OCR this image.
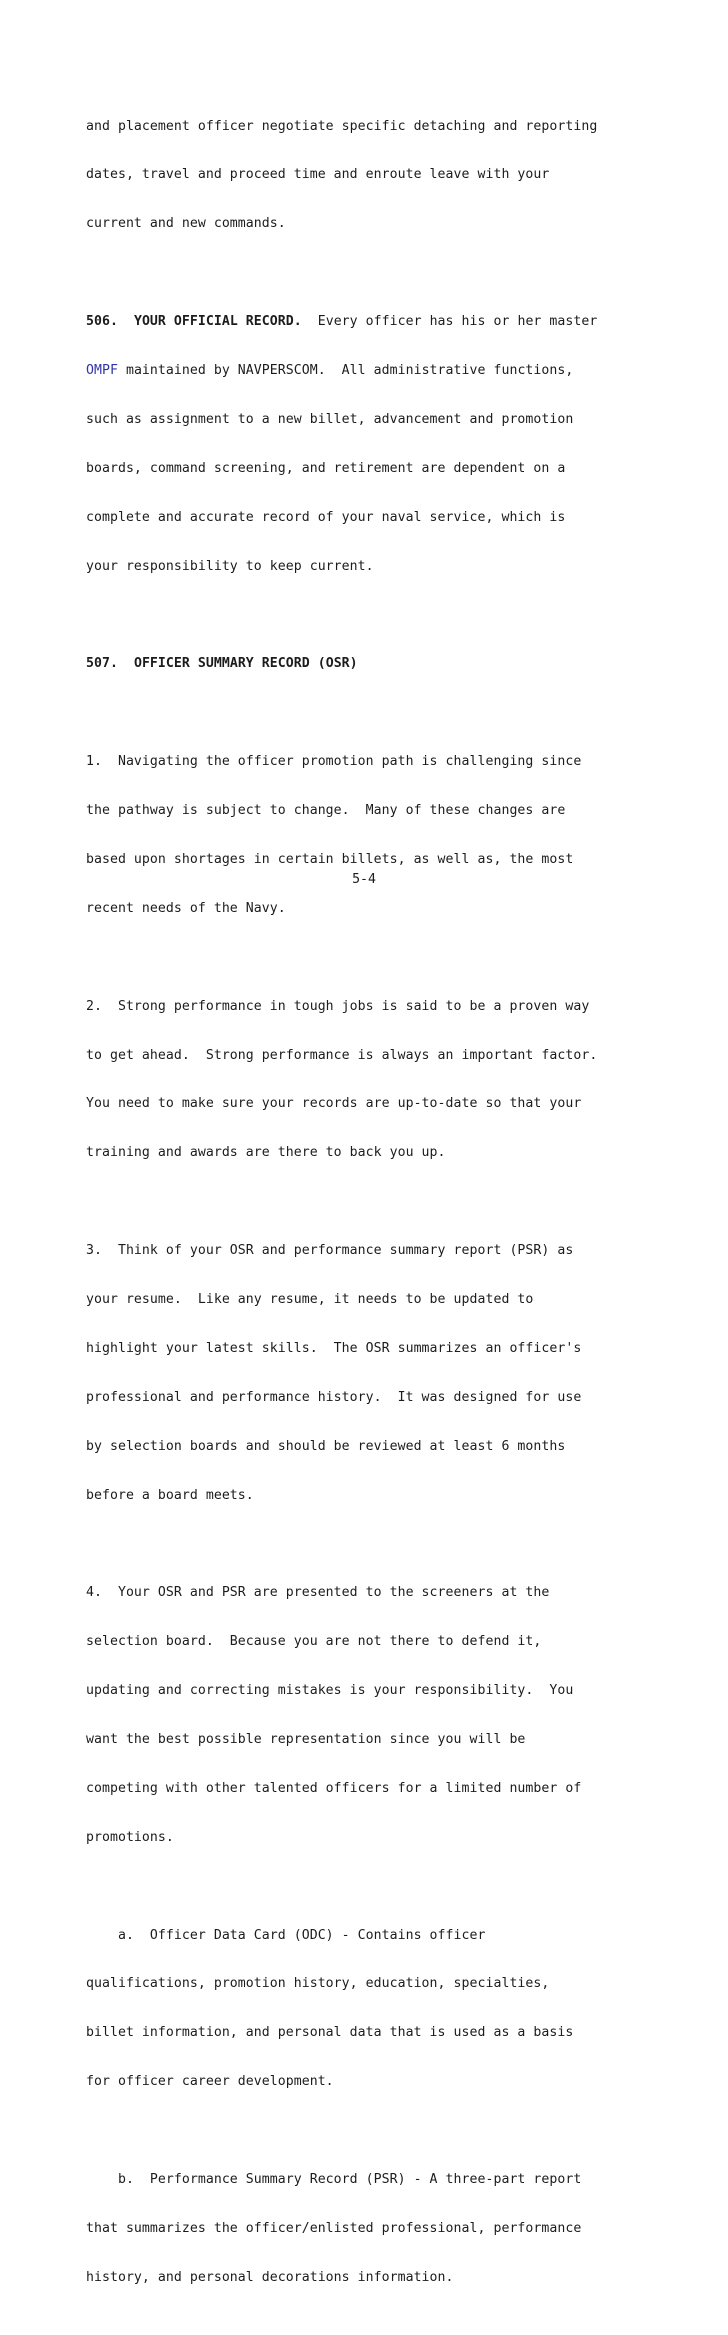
and placement officer negotiate specific detaching and reporting

dates, travel and proceed time and enroute leave with your

current and new commands.

506. YOUR OFFICIAL RECORD.  Every officer has his or her master

OMPF maintained by NAVPERSCOM.  All administrative functions,

such as assignment to a new billet, advancement and promotion

boards, command screening, and retirement are dependent on a

complete and accurate record of your naval service, which is

your responsibility to keep current.

507. OFFICER SUMMARY RECORD (OSR)

1.  Navigating the officer promotion path is challenging since

the pathway is subject to change.  Many of these changes are

based upon shortages in certain billets, as well as, the most

recent needs of the Navy.

2.  Strong performance in tough jobs is said to be a proven way

to get ahead.  Strong performance is always an important factor.

You need to make sure your records are up-to-date so that your

training and awards are there to back you up.

3.  Think of your OSR and performance summary report (PSR) as

your resume.  Like any resume, it needs to be updated to

highlight your latest skills.  The OSR summarizes an officer's

professional and performance history.  It was designed for use

by selection boards and should be reviewed at least 6 months

before a board meets.

4.  Your OSR and PSR are presented to the screeners at the

selection board.  Because you are not there to defend it,

updating and correcting mistakes is your responsibility.  You

want the best possible representation since you will be

competing with other talented officers for a limited number of

promotions.

a.  Officer Data Card (ODC) - Contains officer

qualifications, promotion history, education, specialties,

billet information, and personal data that is used as a basis

for officer career development.

b.  Performance Summary Record (PSR) - A three-part report

that summarizes the officer/enlisted professional, performance

history, and personal decorations information.

5-4
